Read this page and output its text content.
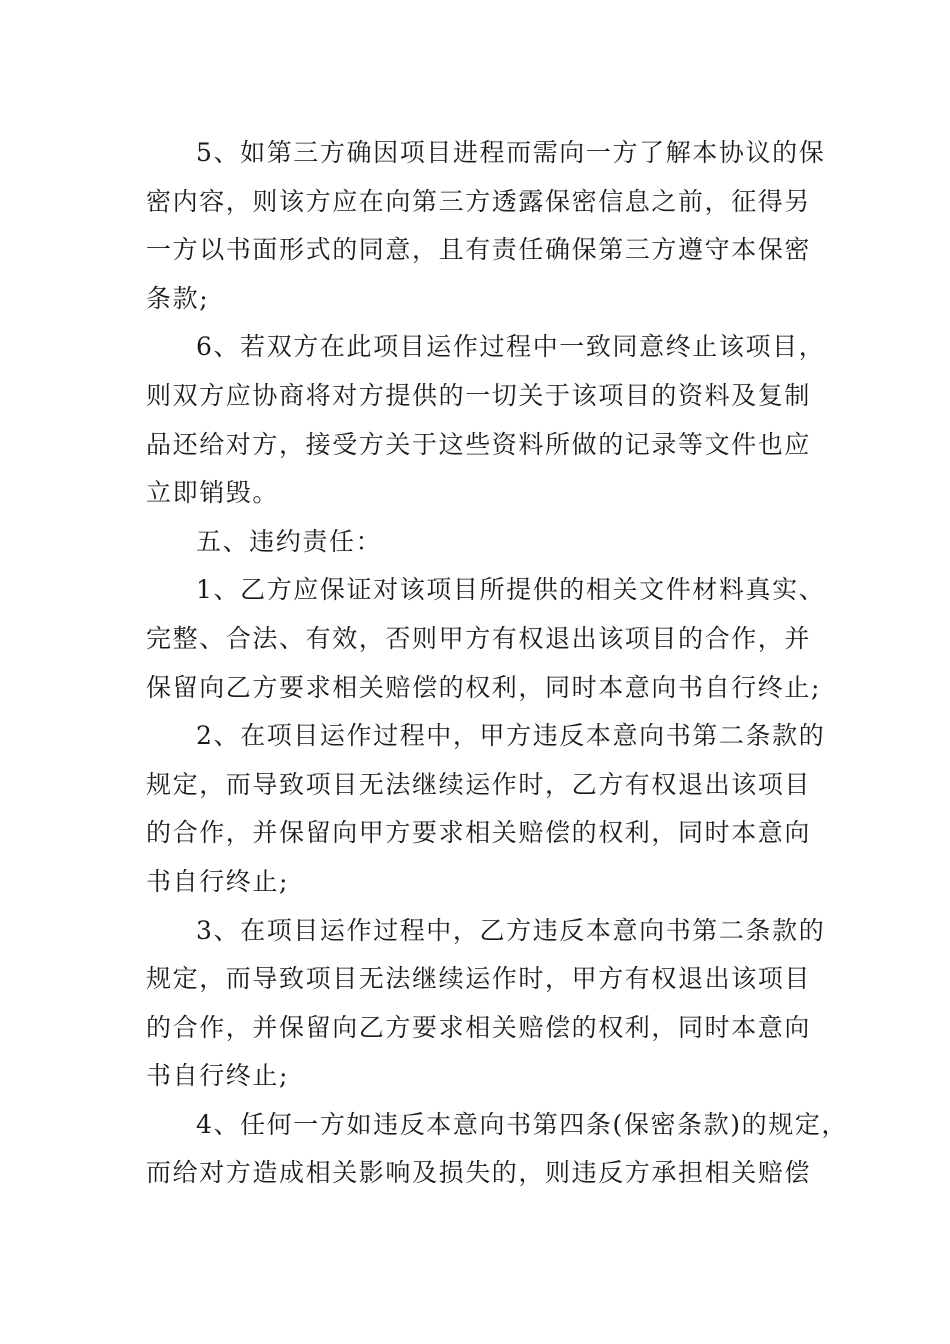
5、如第三方确因项目进程而需向一方了解本协议的保
密内容，则该方应在向第三方透露保密信息之前，征得另
一方以书面形式的同意，且有责任确保第三方遵守本保密
条款;
6、若双方在此项目运作过程中一致同意终止该项目，
则双方应协商将对方提供的一切关于该项目的资料及复制
品还给对方，接受方关于这些资料所做的记录等文件也应
立即销毁。
五、违约责任：
1、乙方应保证对该项目所提供的相关文件材料真实、
完整、合法、有效，否则甲方有权退出该项目的合作，并
保留向乙方要求相关赔偿的权利，同时本意向书自行终止;
2、在项目运作过程中，甲方违反本意向书第二条款的
规定，而导致项目无法继续运作时，乙方有权退出该项目
的合作，并保留向甲方要求相关赔偿的权利，同时本意向
书自行终止;
3、在项目运作过程中，乙方违反本意向书第二条款的
规定，而导致项目无法继续运作时，甲方有权退出该项目
的合作，并保留向乙方要求相关赔偿的权利，同时本意向
书自行终止;
4、任何一方如违反本意向书第四条(保密条款)的规定，
而给对方造成相关影响及损失的，则违反方承担相关赔偿
